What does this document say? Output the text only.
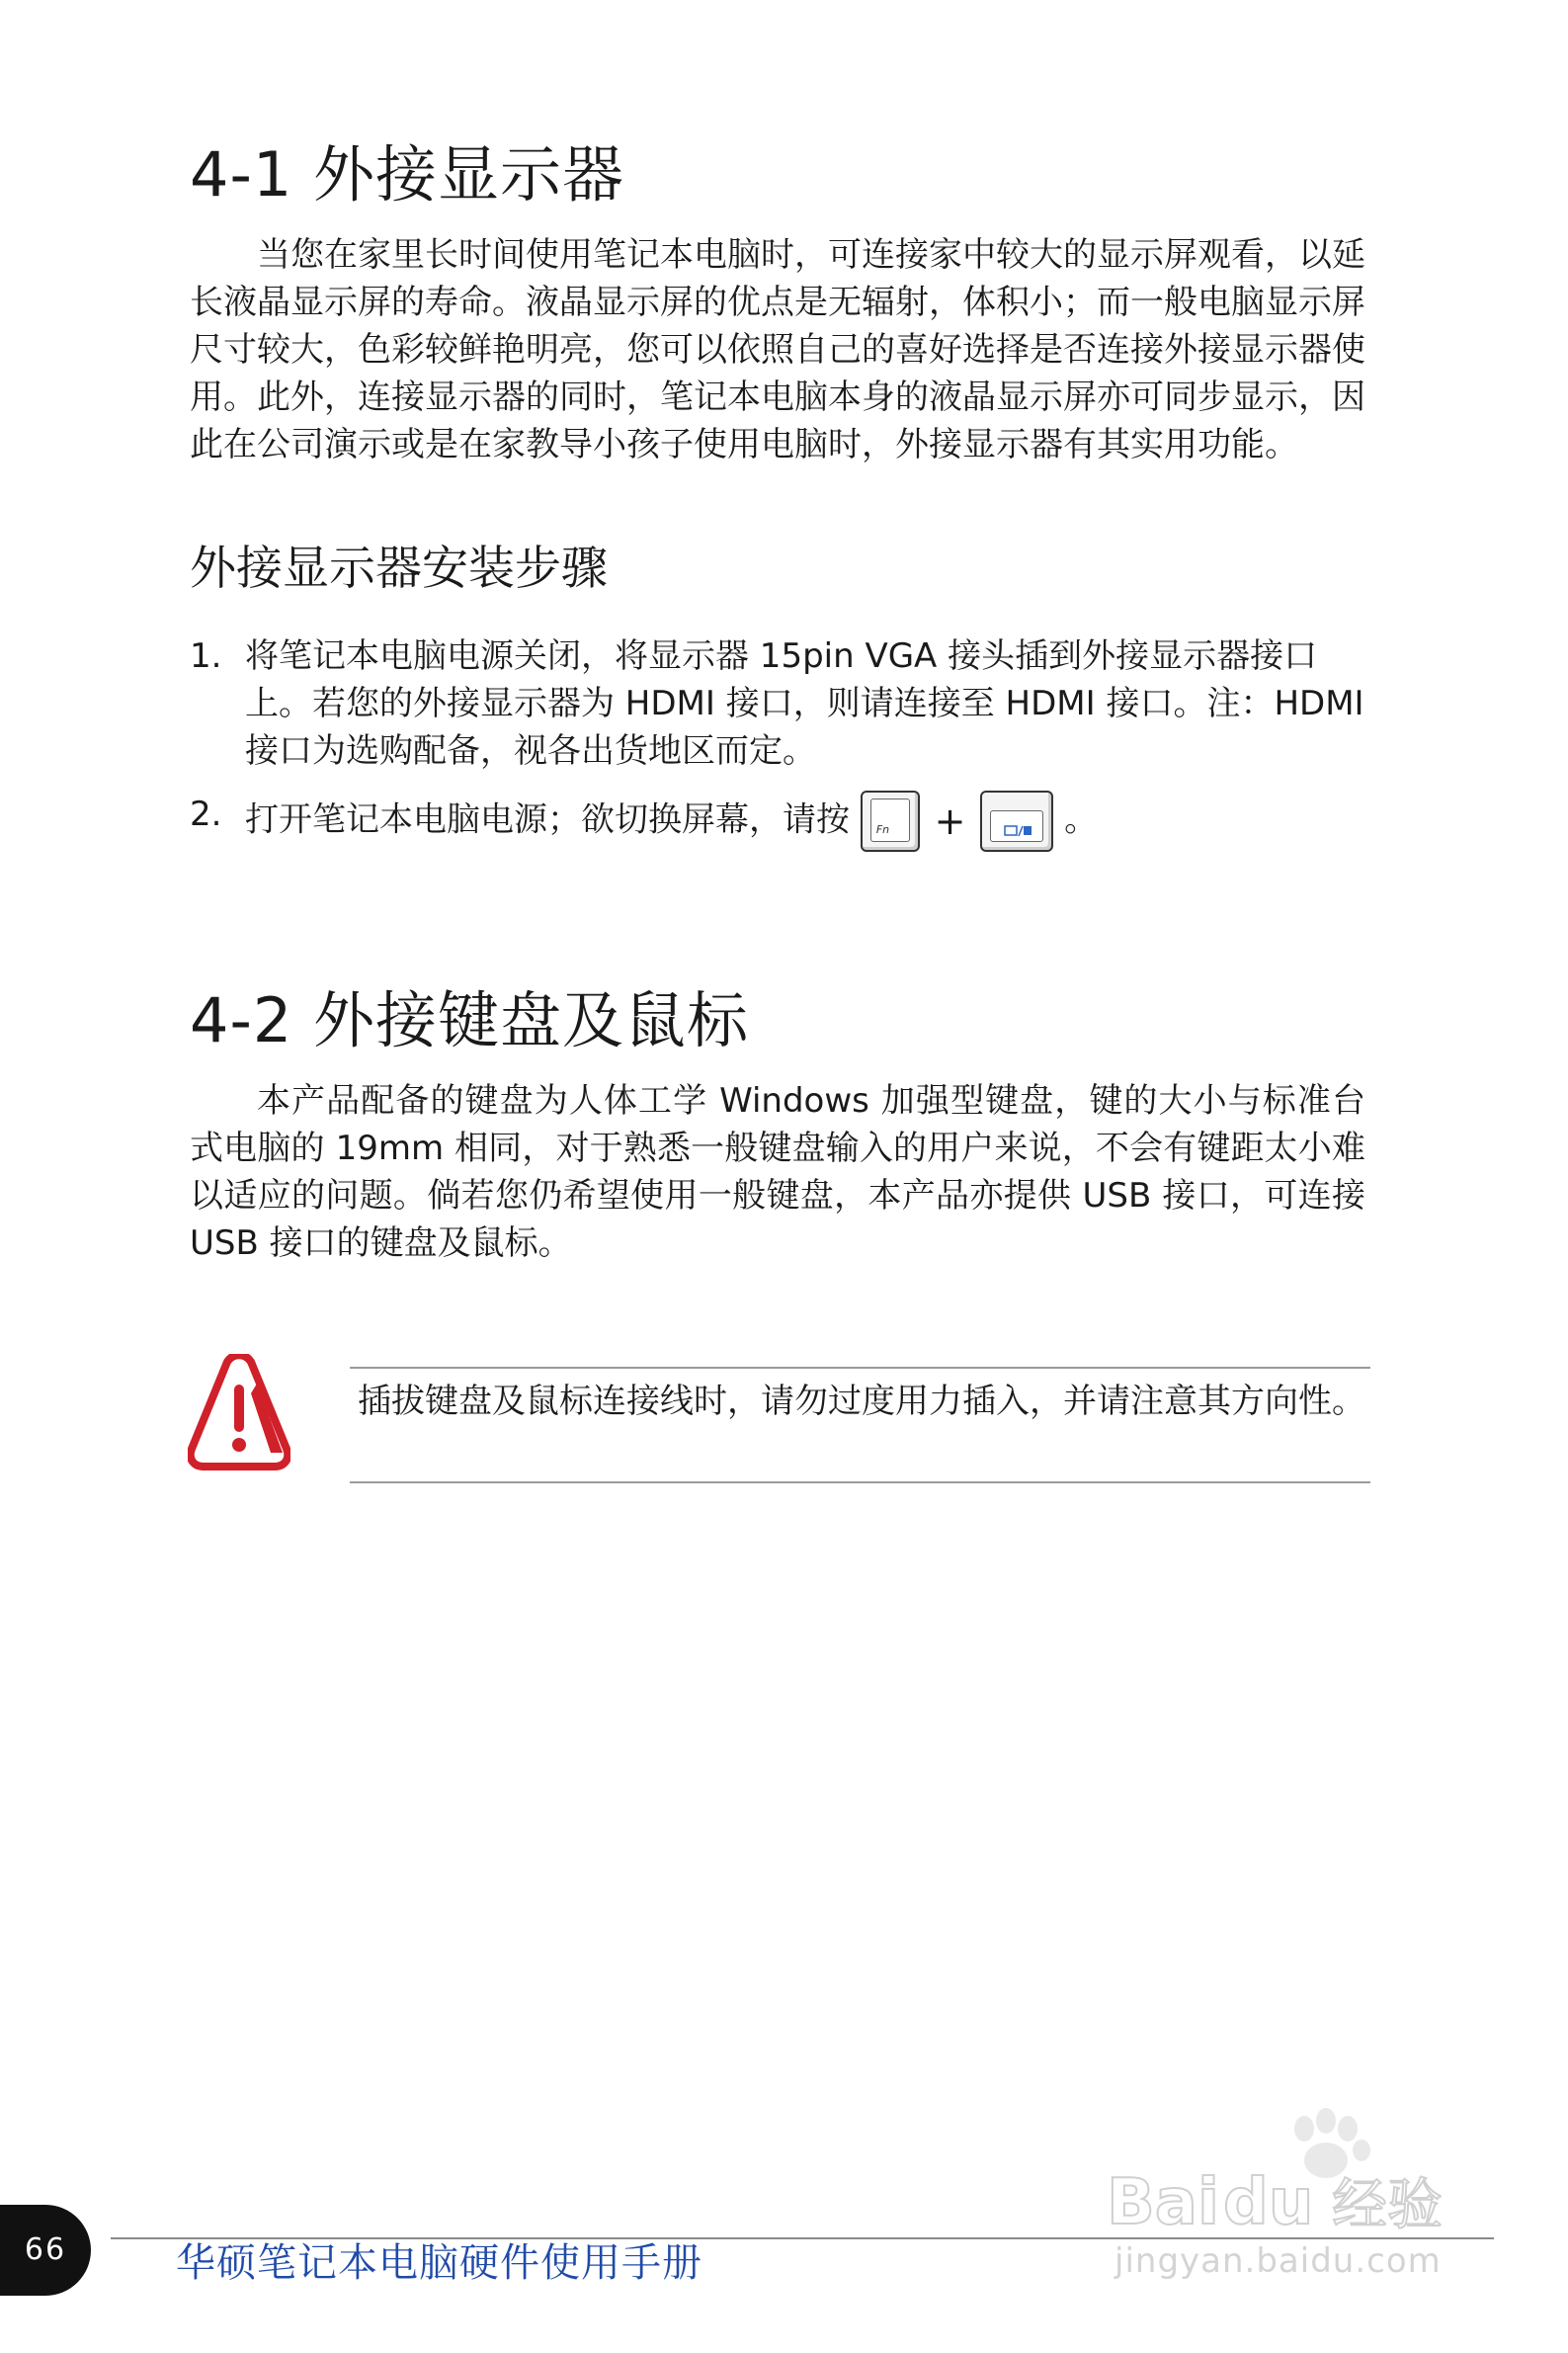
4-1 外接显示器

当您在家里长时间使用笔记本电脑时，可连接家中较大的显示屏观看，以延长液晶显示屏的寿命。液晶显示屏的优点是无辐射，体积小；而一般电脑显示屏尺寸较大，色彩较鲜艳明亮，您可以依照自己的喜好选择是否连接外接显示器使用。此外，连接显示器的同时，笔记本电脑本身的液晶显示屏亦可同步显示，因此在公司演示或是在家教导小孩子使用电脑时，外接显示器有其实用功能。

外接显示器安装步骤
1. 将笔记本电脑电源关闭，将显示器 15pin VGA 接头插到外接显示器接口上。若您的外接显示器为 HDMI 接口，则请连接至 HDMI 接口。注：HDMI 接口为选购配备，视各出货地区而定。
2. 打开笔记本电脑电源；欲切换屏幕，请按 Fn +	。
4-2 外接键盘及鼠标

本产品配备的键盘为人体工学 Windows 加强型键盘，键的大小与标准台式电脑的 19mm 相同，对于熟悉一般键盘输入的用户来说，不会有键距太小难以适应的问题。倘若您仍希望使用一般键盘，本产品亦提供 USB 接口，可连接 USB 接口的键盘及鼠标。

插拔键盘及鼠标连接线时，请勿过度用力插入，并请注意其方向性。

Bai du 经验
jingyan.baidu.com
66	华硕笔记本电脑硬件使用手册
